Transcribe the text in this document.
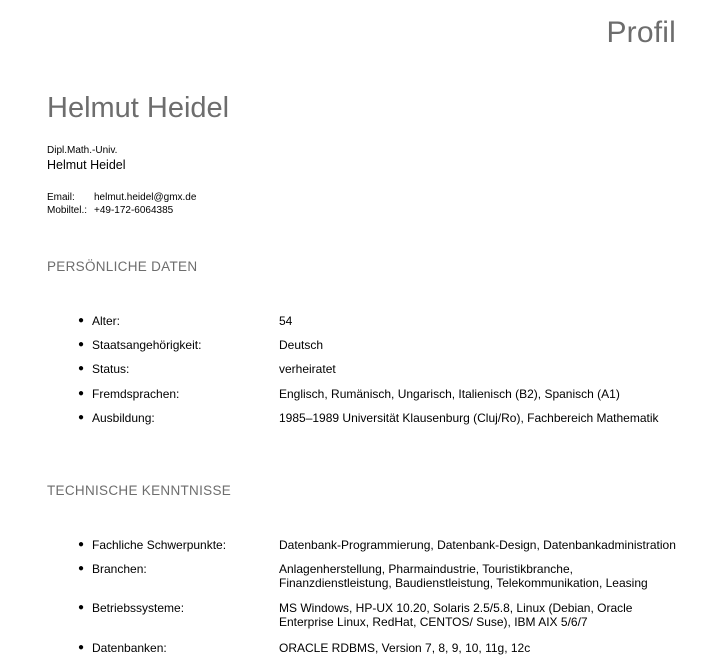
Profil
Helmut Heidel
Dipl.Math.-Univ.
Helmut Heidel
Email: helmut.heidel@gmx.de
Mobiltel.: +49-172-6064385
PERSÖNLICHE DATEN
● Alter:	54
● Staatsangehörigkeit:	Deutsch
● Status:	verheiratet
● Fremdsprachen:	Englisch, Rumänisch, Ungarisch, Italienisch (B2), Spanisch (A1)
● Ausbildung:	1985–1989 Universität Klausenburg (Cluj/Ro), Fachbereich Mathematik
TECHNISCHE KENNTNISSE
● Fachliche Schwerpunkte:	Datenbank-Programmierung, Datenbank-Design, Datenbankadministration
● Branchen:	Anlagenherstellung, Pharmaindustrie, Touristikbranche, Finanzdienstleistung, Baudienstleistung, Telekommunikation, Leasing
● Betriebssysteme:	MS Windows, HP-UX 10.20, Solaris 2.5/5.8, Linux (Debian, Oracle Enterprise Linux, RedHat, CENTOS/ Suse), IBM AIX 5/6/7
● Datenbanken:	ORACLE RDBMS, Version 7, 8, 9, 10, 11g, 12c
